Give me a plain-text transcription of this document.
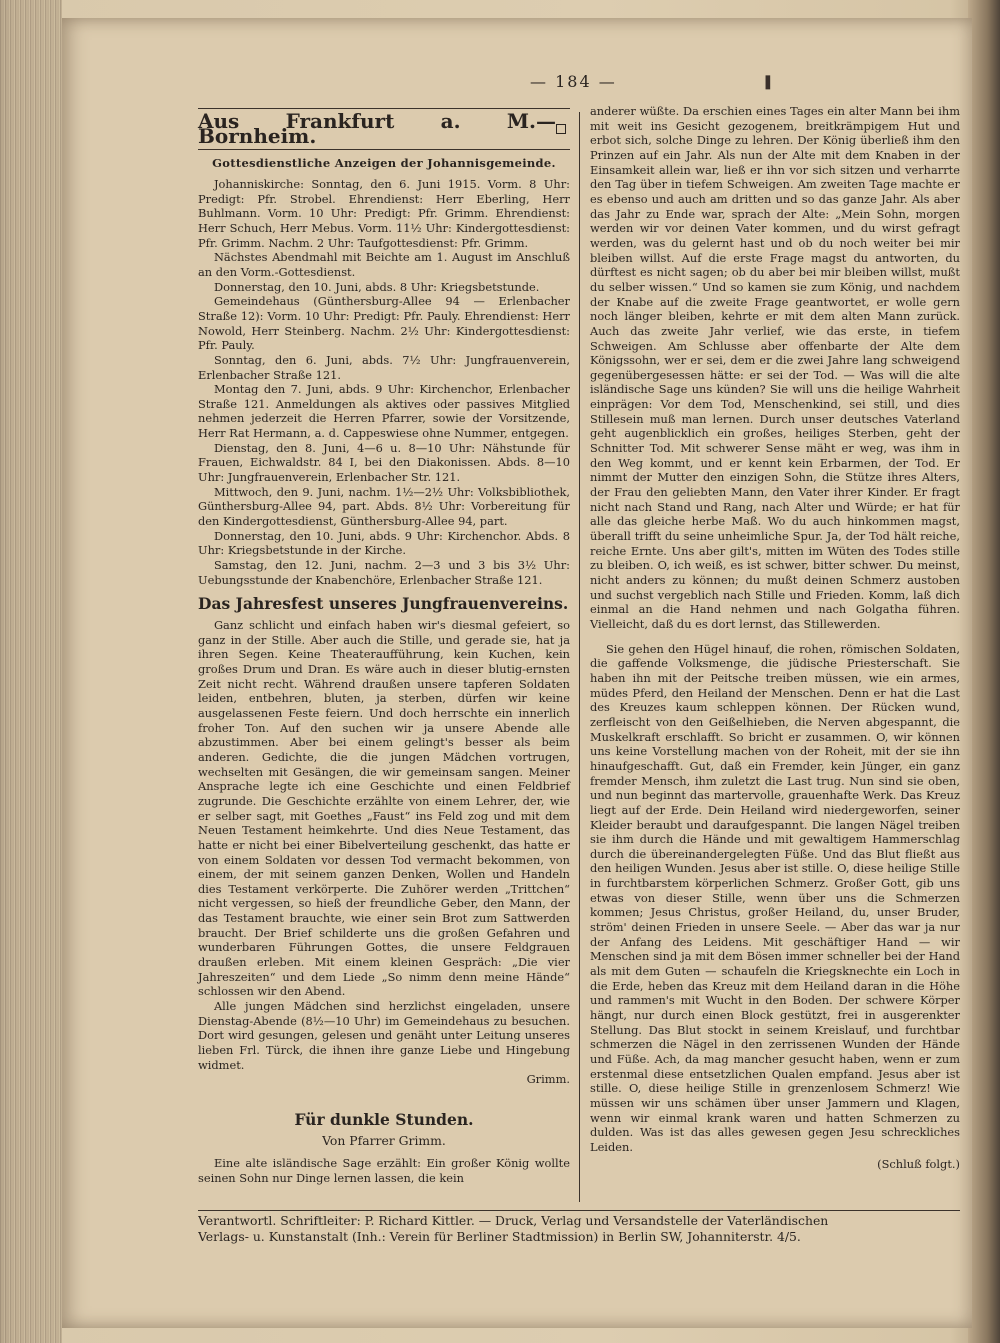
— 184 —	❚
Aus Frankfurt a. M.—Bornheim.
Gottesdienstliche Anzeigen der Johannisgemeinde.

Johanniskirche: Sonntag, den 6. Juni 1915. Vorm. 8 Uhr: Predigt: Pfr. Strobel. Ehrendienst: Herr Eberling, Herr Buhlmann. Vorm. 10 Uhr: Predigt: Pfr. Grimm. Ehrendienst: Herr Schuch, Herr Mebus. Vorm. 11½ Uhr: Kindergottesdienst: Pfr. Grimm. Nachm. 2 Uhr: Taufgottesdienst: Pfr. Grimm.

Nächstes Abendmahl mit Beichte am 1. August im Anschluß an den Vorm.-Gottesdienst.

Donnerstag, den 10. Juni, abds. 8 Uhr: Kriegsbetstunde.

Gemeindehaus (Günthersburg-Allee 94 — Erlenbacher Straße 12): Vorm. 10 Uhr: Predigt: Pfr. Pauly. Ehrendienst: Herr Nowold, Herr Steinberg. Nachm. 2½ Uhr: Kindergottesdienst: Pfr. Pauly.

Sonntag, den 6. Juni, abds. 7½ Uhr: Jungfrauenverein, Erlenbacher Straße 121.

Montag den 7. Juni, abds. 9 Uhr: Kirchenchor, Erlenbacher Straße 121. Anmeldungen als aktives oder passives Mitglied nehmen jederzeit die Herren Pfarrer, sowie der Vorsitzende, Herr Rat Hermann, a. d. Cappeswiese ohne Nummer, entgegen.

Dienstag, den 8. Juni, 4—6 u. 8—10 Uhr: Nähstunde für Frauen, Eichwaldstr. 84 I, bei den Diakonissen. Abds. 8—10 Uhr: Jungfrauenverein, Erlenbacher Str. 121.

Mittwoch, den 9. Juni, nachm. 1½—2½ Uhr: Volksbibliothek, Günthersburg-Allee 94, part. Abds. 8½ Uhr: Vorbereitung für den Kindergottesdienst, Günthersburg-Allee 94, part.

Donnerstag, den 10. Juni, abds. 9 Uhr: Kirchenchor. Abds. 8 Uhr: Kriegsbetstunde in der Kirche.

Samstag, den 12. Juni, nachm. 2—3 und 3 bis 3½ Uhr: Uebungsstunde der Knabenchöre, Erlenbacher Straße 121.

Das Jahresfest unseres Jungfrauenvereins.

Ganz schlicht und einfach haben wir's diesmal gefeiert, so ganz in der Stille. Aber auch die Stille, und gerade sie, hat ja ihren Segen. Keine Theateraufführung, kein Kuchen, kein großes Drum und Dran. Es wäre auch in dieser blutig-ernsten Zeit nicht recht. Während draußen unsere tapferen Soldaten leiden, entbehren, bluten, ja sterben, dürfen wir keine ausgelassenen Feste feiern. Und doch herrschte ein innerlich froher Ton. Auf den suchen wir ja unsere Abende alle abzustimmen. Aber bei einem gelingt's besser als beim anderen. Gedichte, die die jungen Mädchen vortrugen, wechselten mit Gesängen, die wir gemeinsam sangen. Meiner Ansprache legte ich eine Geschichte und einen Feldbrief zugrunde. Die Geschichte erzählte von einem Lehrer, der, wie er selber sagt, mit Goethes „Faust“ ins Feld zog und mit dem Neuen Testament heimkehrte. Und dies Neue Testament, das hatte er nicht bei einer Bibelverteilung geschenkt, das hatte er von einem Soldaten vor dessen Tod vermacht bekommen, von einem, der mit seinem ganzen Denken, Wollen und Handeln dies Testament verkörperte. Die Zuhörer werden „Trittchen“ nicht vergessen, so hieß der freundliche Geber, den Mann, der das Testament brauchte, wie einer sein Brot zum Sattwerden braucht. Der Brief schilderte uns die großen Gefahren und wunderbaren Führungen Gottes, die unsere Feldgrauen draußen erleben. Mit einem kleinen Gespräch: „Die vier Jahreszeiten“ und dem Liede „So nimm denn meine Hände“ schlossen wir den Abend.

Alle jungen Mädchen sind herzlichst eingeladen, unsere Dienstag-Abende (8½—10 Uhr) im Gemeindehaus zu besuchen. Dort wird gesungen, gelesen und genäht unter Leitung unseres lieben Frl. Türck, die ihnen ihre ganze Liebe und Hingebung widmet.

Grimm.
Für dunkle Stunden.
Von Pfarrer Grimm.

Eine alte isländische Sage erzählt: Ein großer König wollte seinen Sohn nur Dinge lernen lassen, die kein

anderer wüßte. Da erschien eines Tages ein alter Mann bei ihm mit weit ins Gesicht gezogenem, breitkrämpigem Hut und erbot sich, solche Dinge zu lehren. Der König überließ ihm den Prinzen auf ein Jahr. Als nun der Alte mit dem Knaben in der Einsamkeit allein war, ließ er ihn vor sich sitzen und verharrte den Tag über in tiefem Schweigen. Am zweiten Tage machte er es ebenso und auch am dritten und so das ganze Jahr. Als aber das Jahr zu Ende war, sprach der Alte: „Mein Sohn, morgen werden wir vor deinen Vater kommen, und du wirst gefragt werden, was du gelernt hast und ob du noch weiter bei mir bleiben willst. Auf die erste Frage magst du antworten, du dürftest es nicht sagen; ob du aber bei mir bleiben willst, mußt du selber wissen.“ Und so kamen sie zum König, und nachdem der Knabe auf die zweite Frage geantwortet, er wolle gern noch länger bleiben, kehrte er mit dem alten Mann zurück. Auch das zweite Jahr verlief, wie das erste, in tiefem Schweigen. Am Schlusse aber offenbarte der Alte dem Königssohn, wer er sei, dem er die zwei Jahre lang schweigend gegenübergesessen hätte: er sei der Tod. — Was will die alte isländische Sage uns künden? Sie will uns die heilige Wahrheit einprägen: Vor dem Tod, Menschenkind, sei still, und dies Stillesein muß man lernen. Durch unser deutsches Vaterland geht augenblicklich ein großes, heiliges Sterben, geht der Schnitter Tod. Mit schwerer Sense mäht er weg, was ihm in den Weg kommt, und er kennt kein Erbarmen, der Tod. Er nimmt der Mutter den einzigen Sohn, die Stütze ihres Alters, der Frau den geliebten Mann, den Vater ihrer Kinder. Er fragt nicht nach Stand und Rang, nach Alter und Würde; er hat für alle das gleiche herbe Maß. Wo du auch hinkommen magst, überall trifft du seine unheimliche Spur. Ja, der Tod hält reiche, reiche Ernte. Uns aber gilt's, mitten im Wüten des Todes stille zu bleiben. O, ich weiß, es ist schwer, bitter schwer. Du meinst, nicht anders zu können; du mußt deinen Schmerz austoben und suchst vergeblich nach Stille und Frieden. Komm, laß dich einmal an die Hand nehmen und nach Golgatha führen. Vielleicht, daß du es dort lernst, das Stillewerden.

Sie gehen den Hügel hinauf, die rohen, römischen Soldaten, die gaffende Volksmenge, die jüdische Priesterschaft. Sie haben ihn mit der Peitsche treiben müssen, wie ein armes, müdes Pferd, den Heiland der Menschen. Denn er hat die Last des Kreuzes kaum schleppen können. Der Rücken wund, zerfleischt von den Geißelhieben, die Nerven abgespannt, die Muskelkraft erschlafft. So bricht er zusammen. O, wir können uns keine Vorstellung machen von der Roheit, mit der sie ihn hinaufgeschafft. Gut, daß ein Fremder, kein Jünger, ein ganz fremder Mensch, ihm zuletzt die Last trug. Nun sind sie oben, und nun beginnt das martervolle, grauenhafte Werk. Das Kreuz liegt auf der Erde. Dein Heiland wird niedergeworfen, seiner Kleider beraubt und daraufgespannt. Die langen Nägel treiben sie ihm durch die Hände und mit gewaltigem Hammerschlag durch die übereinandergelegten Füße. Und das Blut fließt aus den heiligen Wunden. Jesus aber ist stille. O, diese heilige Stille in furchtbarstem körperlichen Schmerz. Großer Gott, gib uns etwas von dieser Stille, wenn über uns die Schmerzen kommen; Jesus Christus, großer Heiland, du, unser Bruder, ström' deinen Frieden in unsere Seele. — Aber das war ja nur der Anfang des Leidens. Mit geschäftiger Hand — wir Menschen sind ja mit dem Bösen immer schneller bei der Hand als mit dem Guten — schaufeln die Kriegsknechte ein Loch in die Erde, heben das Kreuz mit dem Heiland daran in die Höhe und rammen's mit Wucht in den Boden. Der schwere Körper hängt, nur durch einen Block gestützt, frei in ausgerenkter Stellung. Das Blut stockt in seinem Kreislauf, und furchtbar schmerzen die Nägel in den zerrissenen Wunden der Hände und Füße. Ach, da mag mancher gesucht haben, wenn er zum erstenmal diese entsetzlichen Qualen empfand. Jesus aber ist stille. O, diese heilige Stille in grenzenlosem Schmerz! Wie müssen wir uns schämen über unser Jammern und Klagen, wenn wir einmal krank waren und hatten Schmerzen zu dulden. Was ist das alles gewesen gegen Jesu schreckliches Leiden.

(Schluß folgt.)
Verantwortl. Schriftleiter: P. Richard Kittler. — Druck, Verlag und Versandstelle der Vaterländischen
Verlags- u. Kunstanstalt (Inh.: Verein für Berliner Stadtmission) in Berlin SW, Johanniterstr. 4/5.
